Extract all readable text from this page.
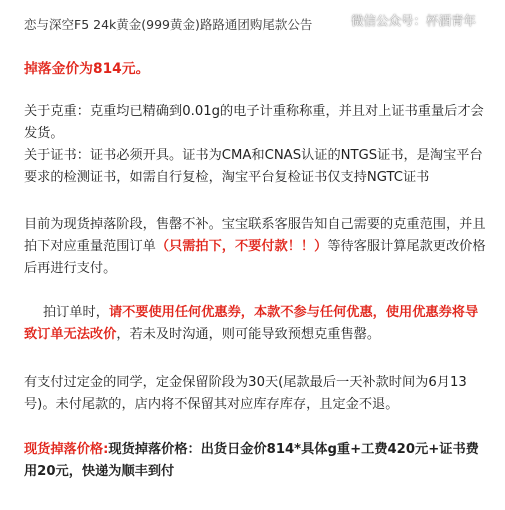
恋与深空F5 24k黄金(999黄金)路路通团购尾款公告	微信公众号：杯酒青年
掉落金价为814元。
关于克重：克重均已精确到0.01g的电子计重称称重，并且对上证书重量后才会发货。
关于证书：证书必须开具。证书为CMA和CNAS认证的NTGS证书，是淘宝平台要求的检测证书，如需自行复检，淘宝平台复检证书仅支持NGTC证书
目前为现货掉落阶段，售罄不补。宝宝联系客服告知自己需要的克重范围，并且拍下对应重量范围订单（只需拍下，不要付款！！）等待客服计算尾款更改价格后再进行支付。
拍订单时，请不要使用任何优惠券，本款不参与任何优惠，使用优惠券将导致订单无法改价，若未及时沟通，则可能导致预想克重售罄。
有支付过定金的同学，定金保留阶段为30天(尾款最后一天补款时间为6月13号)。未付尾款的，店内将不保留其对应库存库存，且定金不退。
现货掉落价格:现货掉落价格：出货日金价814*具体g重+工费420元+证书费用20元，快递为顺丰到付
